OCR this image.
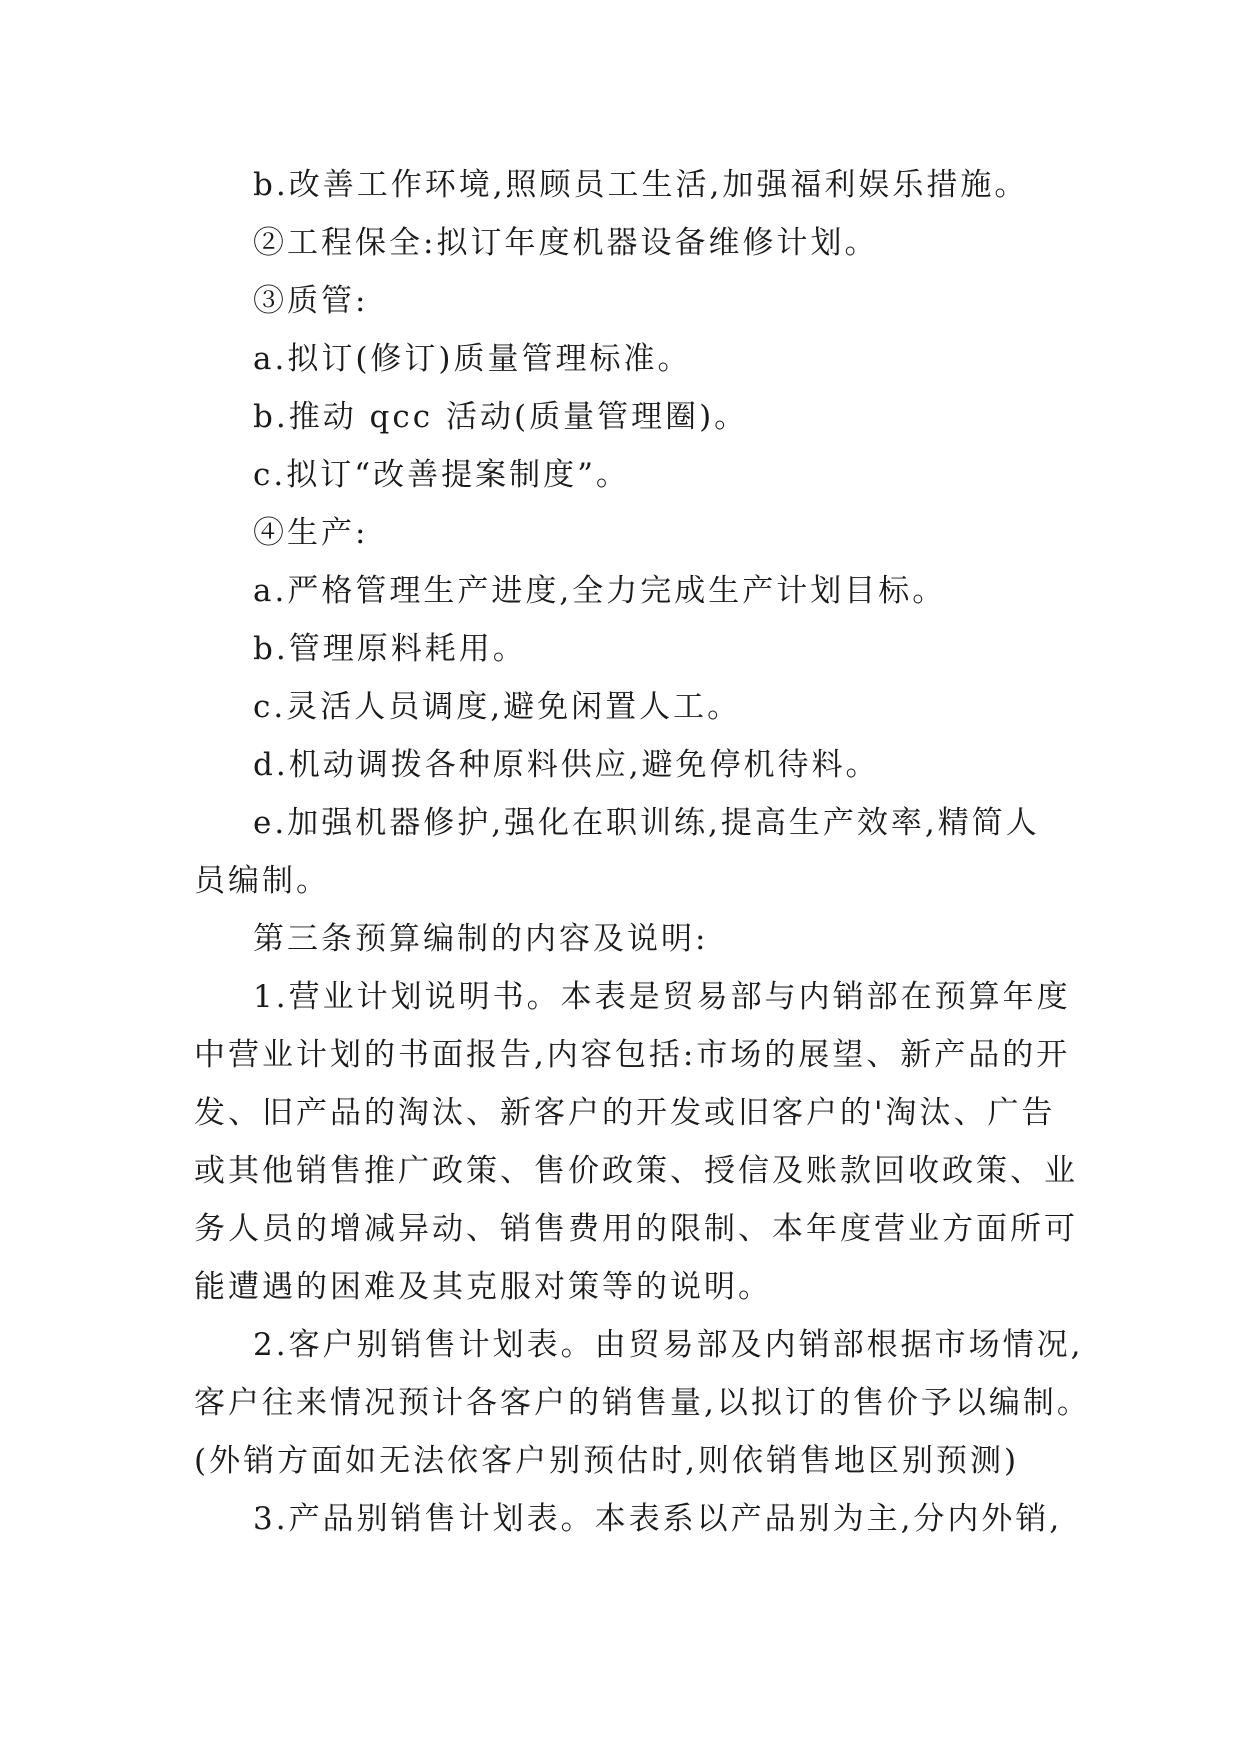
b.改善工作环境,照顾员工生活,加强福利娱乐措施。
②工程保全:拟订年度机器设备维修计划。
③质管:
a.拟订(修订)质量管理标准。
b.推动 qcc 活动(质量管理圈)。
c.拟订“改善提案制度”。
④生产:
a.严格管理生产进度,全力完成生产计划目标。
b.管理原料耗用。
c.灵活人员调度,避免闲置人工。
d.机动调拨各种原料供应,避免停机待料。
e.加强机器修护,强化在职训练,提高生产效率,精简人
员编制。
第三条预算编制的内容及说明:
1.营业计划说明书。本表是贸易部与内销部在预算年度
中营业计划的书面报告,内容包括:市场的展望、新产品的开
发、旧产品的淘汰、新客户的开发或旧客户的'淘汰、广告
或其他销售推广政策、售价政策、授信及账款回收政策、业
务人员的增减异动、销售费用的限制、本年度营业方面所可
能遭遇的困难及其克服对策等的说明。
2.客户别销售计划表。由贸易部及内销部根据市场情况,
客户往来情况预计各客户的销售量,以拟订的售价予以编制。
(外销方面如无法依客户别预估时,则依销售地区别预测)
3.产品别销售计划表。本表系以产品别为主,分内外销,
